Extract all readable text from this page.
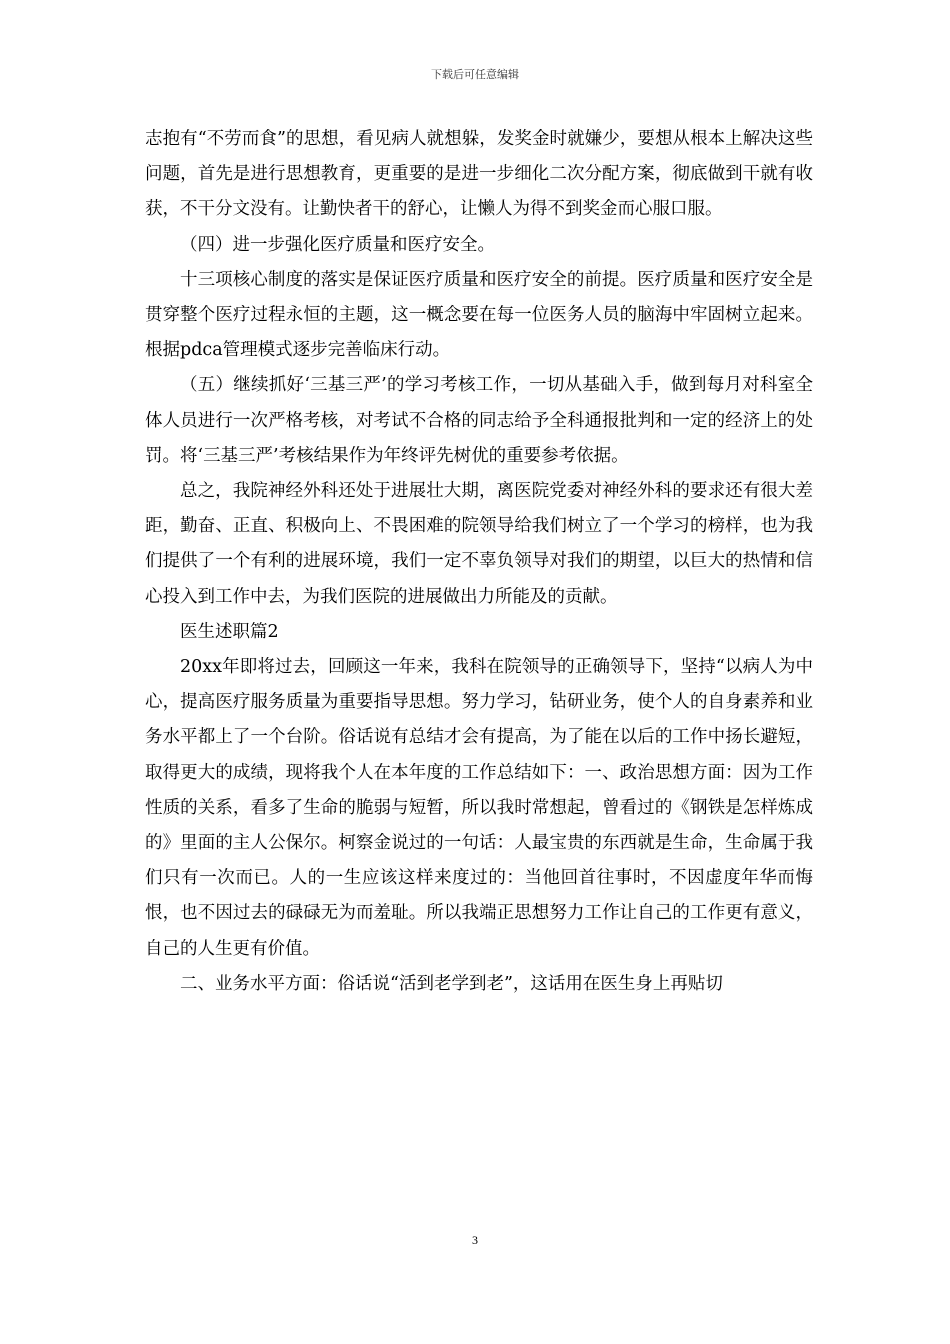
下载后可任意编辑

志抱有“不劳而食”的思想，看见病人就想躲，发奖金时就嫌少，要想从根本上解决这些问题，首先是进行思想教育，更重要的是进一步细化二次分配方案，彻底做到干就有收获，不干分文没有。让勤快者干的舒心，让懒人为得不到奖金而心服口服。

（四）进一步强化医疗质量和医疗安全。

十三项核心制度的落实是保证医疗质量和医疗安全的前提。医疗质量和医疗安全是贯穿整个医疗过程永恒的主题，这一概念要在每一位医务人员的脑海中牢固树立起来。根据pdca管理模式逐步完善临床行动。

（五）继续抓好‘三基三严’的学习考核工作，一切从基础入手，做到每月对科室全体人员进行一次严格考核，对考试不合格的同志给予全科通报批判和一定的经济上的处罚。将‘三基三严’考核结果作为年终评先树优的重要参考依据。

总之，我院神经外科还处于进展壮大期，离医院党委对神经外科的要求还有很大差距，勤奋、正直、积极向上、不畏困难的院领导给我们树立了一个学习的榜样，也为我们提供了一个有利的进展环境，我们一定不辜负领导对我们的期望，以巨大的热情和信心投入到工作中去，为我们医院的进展做出力所能及的贡献。

医生述职篇2

20xx年即将过去，回顾这一年来，我科在院领导的正确领导下，坚持“以病人为中心，提高医疗服务质量为重要指导思想。努力学习，钻研业务，使个人的自身素养和业务水平都上了一个台阶。俗话说有总结才会有提高，为了能在以后的工作中扬长避短，取得更大的成绩，现将我个人在本年度的工作总结如下：一、政治思想方面：因为工作性质的关系，看多了生命的脆弱与短暂，所以我时常想起，曾看过的《钢铁是怎样炼成的》里面的主人公保尔。柯察金说过的一句话：人最宝贵的东西就是生命，生命属于我们只有一次而已。人的一生应该这样来度过的：当他回首往事时，不因虚度年华而悔恨，也不因过去的碌碌无为而羞耻。所以我端正思想努力工作让自己的工作更有意义，自己的人生更有价值。

二、业务水平方面：俗话说“活到老学到老”，这话用在医生身上再贴切

3
